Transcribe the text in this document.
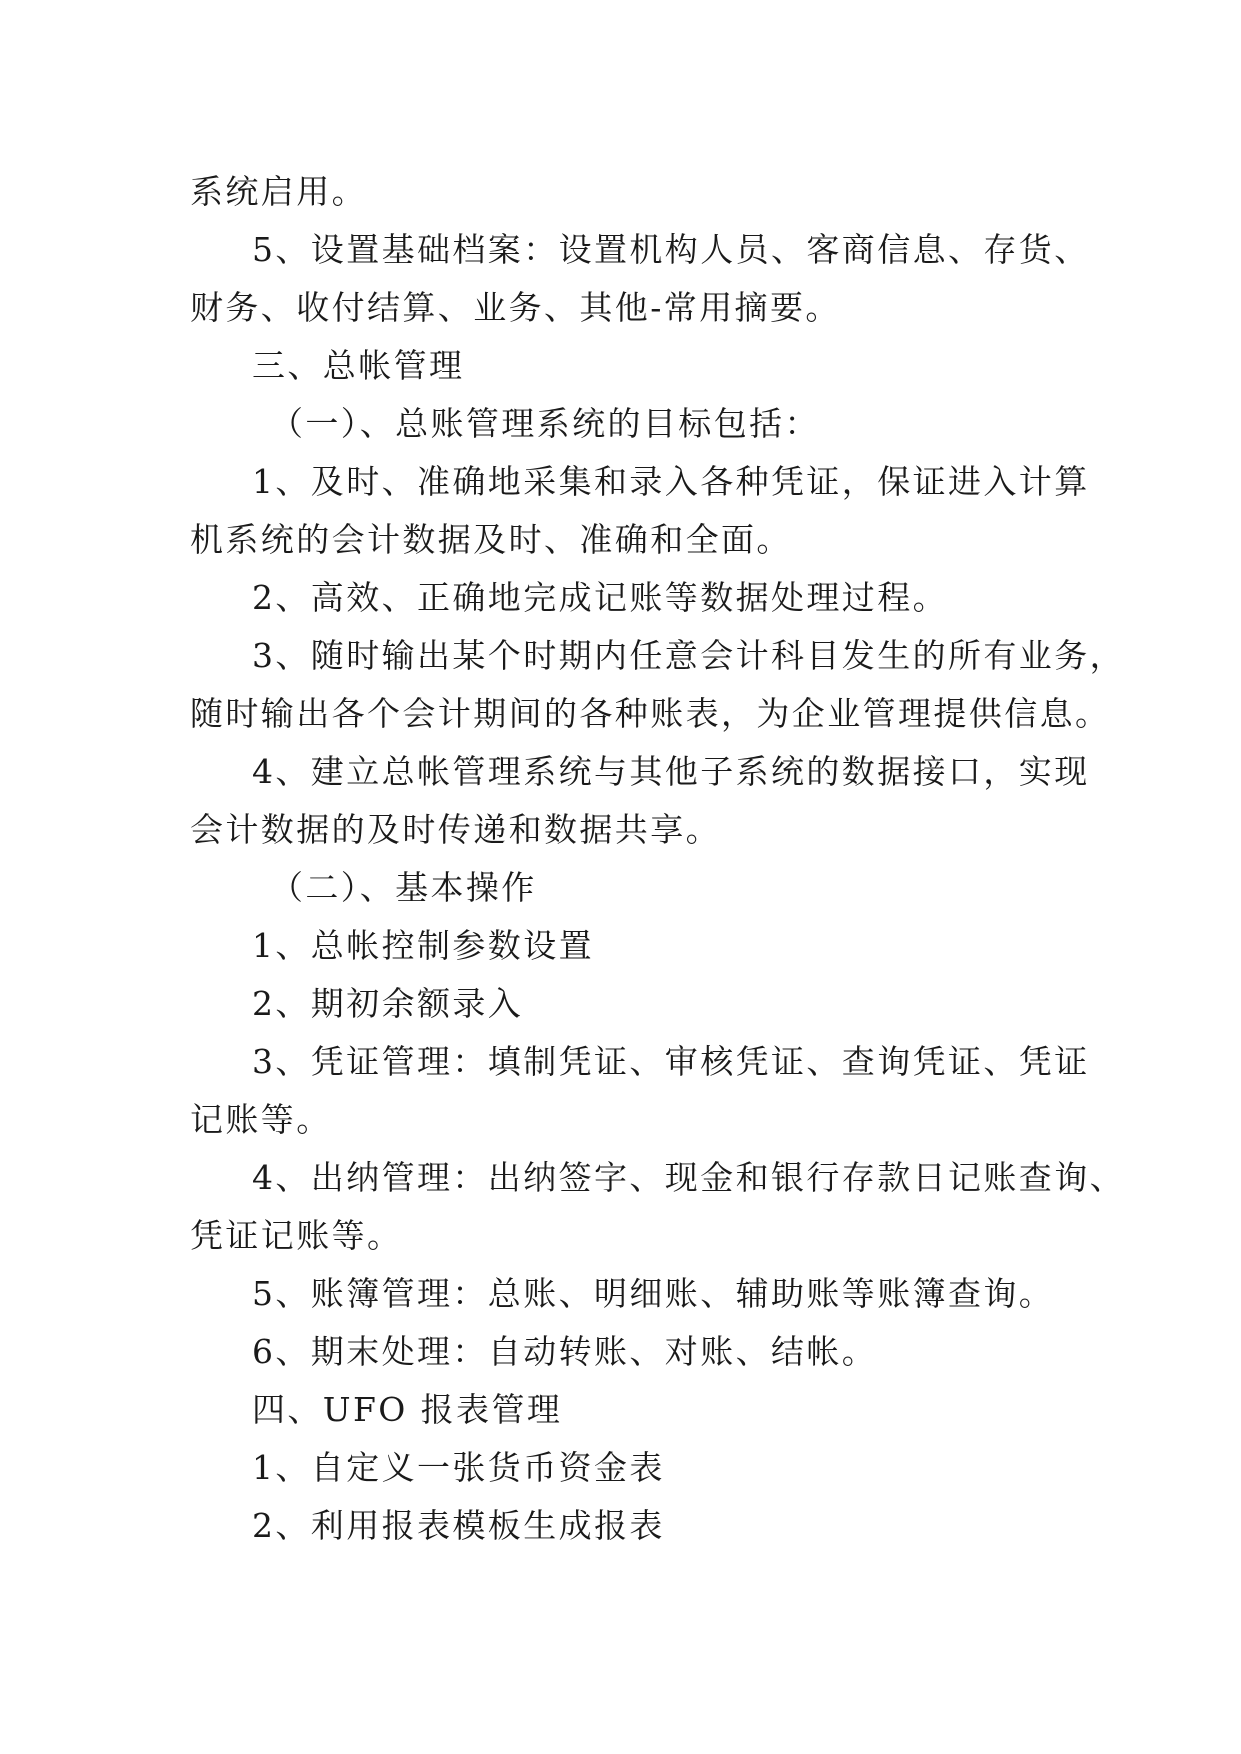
系统启用。
5、设置基础档案：设置机构人员、客商信息、存货、
财务、收付结算、业务、其他-常用摘要。
三、总帐管理
（一）、总账管理系统的目标包括：
1、及时、准确地采集和录入各种凭证，保证进入计算
机系统的会计数据及时、准确和全面。
2、高效、正确地完成记账等数据处理过程。
3、随时输出某个时期内任意会计科目发生的所有业务，
随时输出各个会计期间的各种账表，为企业管理提供信息。
4、建立总帐管理系统与其他子系统的数据接口，实现
会计数据的及时传递和数据共享。
（二）、基本操作
1、总帐控制参数设置
2、期初余额录入
3、凭证管理：填制凭证、审核凭证、查询凭证、凭证
记账等。
4、出纳管理：出纳签字、现金和银行存款日记账查询、
凭证记账等。
5、账簿管理：总账、明细账、辅助账等账簿查询。
6、期末处理：自动转账、对账、结帐。
四、UFO 报表管理
1、自定义一张货币资金表
2、利用报表模板生成报表
